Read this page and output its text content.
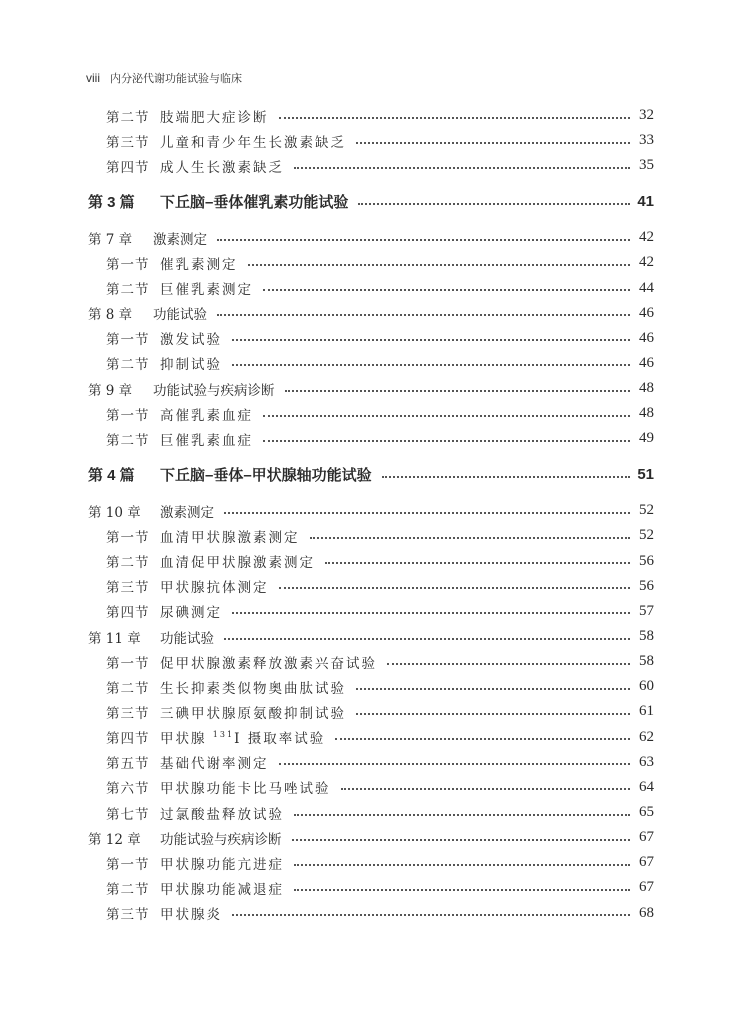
viii 内分泌代谢功能试验与临床
第二节 肢端肥大症诊断	32
第三节 儿童和青少年生长激素缺乏	33
第四节 成人生长激素缺乏	35
第 3 篇	下丘脑–垂体催乳素功能试验	41
第 7 章	激素测定	42
第一节 催乳素测定	42
第二节 巨催乳素测定	44
第 8 章	功能试验	46
第一节 激发试验	46
第二节 抑制试验	46
第 9 章	功能试验与疾病诊断	48
第一节 高催乳素血症	48
第二节 巨催乳素血症	49
第 4 篇	下丘脑–垂体–甲状腺轴功能试验	51
第 10 章	激素测定	52
第一节 血清甲状腺激素测定	52
第二节 血清促甲状腺激素测定	56
第三节 甲状腺抗体测定	56
第四节 尿碘测定	57
第 11 章	功能试验	58
第一节 促甲状腺激素释放激素兴奋试验	58
第二节 生长抑素类似物奥曲肽试验	60
第三节 三碘甲状腺原氨酸抑制试验	61
第四节 甲状腺 $^{131}$I 摄取率试验	62
第五节 基础代谢率测定	63
第六节 甲状腺功能卡比马唑试验	64
第七节 过氯酸盐释放试验	65
第 12 章	功能试验与疾病诊断	67
第一节 甲状腺功能亢进症	67
第二节 甲状腺功能减退症	67
第三节 甲状腺炎	68
